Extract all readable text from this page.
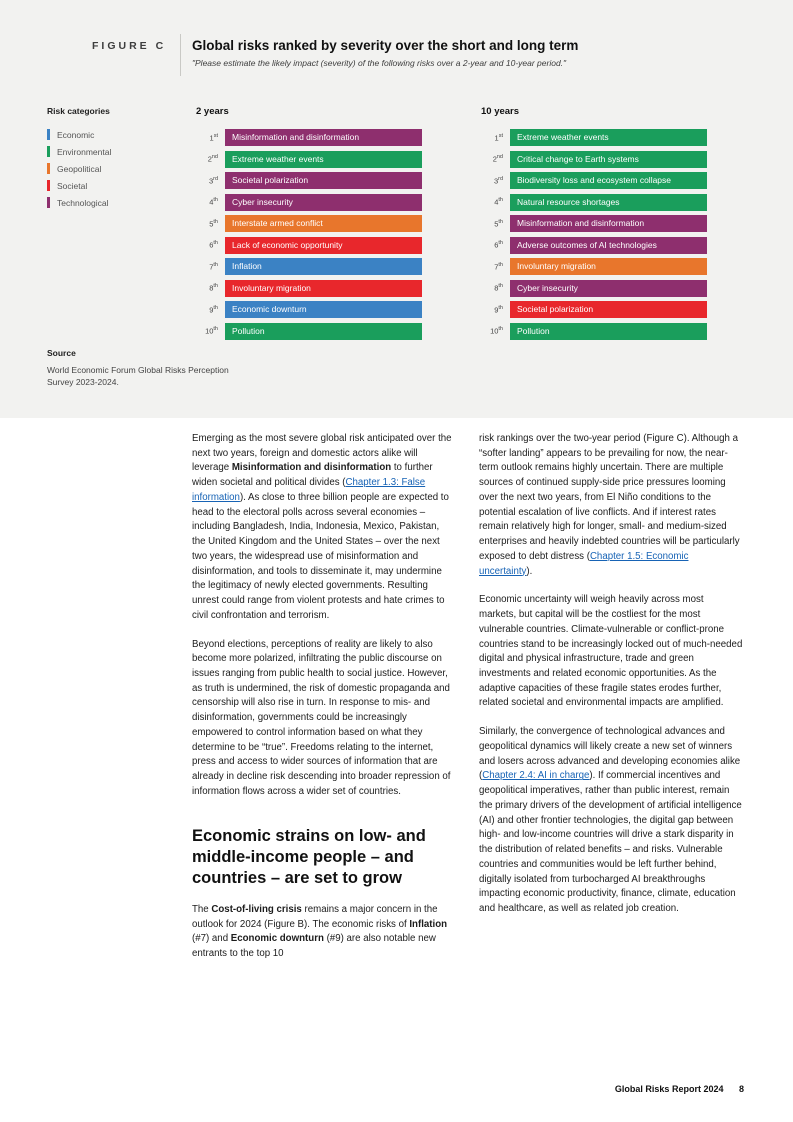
FIGURE C Global risks ranked by severity over the short and long term
"Please estimate the likely impact (severity) of the following risks over a 2-year and 10-year period."
Risk categories
Economic
Environmental
Geopolitical
Societal
Technological
2 years
1st	Misinformation and disinformation
2nd	Extreme weather events
3rd	Societal polarization
4th	Cyber insecurity
5th	Interstate armed conflict
6th	Lack of economic opportunity
7th	Inflation
8th	Involuntary migration
9th	Economic downturn
10th	Pollution
10 years
1st	Extreme weather events
2nd	Critical change to Earth systems
3rd	Biodiversity loss and ecosystem collapse
4th	Natural resource shortages
5th	Misinformation and disinformation
6th	Adverse outcomes of AI technologies
7th	Involuntary migration
8th	Cyber insecurity
9th	Societal polarization
10th	Pollution
Source
World Economic Forum Global Risks Perception Survey 2023-2024.

Emerging as the most severe global risk anticipated over the next two years, foreign and domestic actors alike will leverage Misinformation and disinformation to further widen societal and political divides (Chapter 1.3: False information). As close to three billion people are expected to head to the electoral polls across several economies – including Bangladesh, India, Indonesia, Mexico, Pakistan, the United Kingdom and the United States – over the next two years, the widespread use of misinformation and disinformation, and tools to disseminate it, may undermine the legitimacy of newly elected governments. Resulting unrest could range from violent protests and hate crimes to civil confrontation and terrorism.

Beyond elections, perceptions of reality are likely to also become more polarized, infiltrating the public discourse on issues ranging from public health to social justice. However, as truth is undermined, the risk of domestic propaganda and censorship will also rise in turn. In response to mis- and disinformation, governments could be increasingly empowered to control information based on what they determine to be “true”. Freedoms relating to the internet, press and access to wider sources of information that are already in decline risk descending into broader repression of information flows across a wider set of countries.

Economic strains on low- and middle-income people – and countries – are set to grow

The Cost-of-living crisis remains a major concern in the outlook for 2024 (Figure B). The economic risks of Inflation (#7) and Economic downturn (#9) are also notable new entrants to the top 10

risk rankings over the two-year period (Figure C). Although a “softer landing” appears to be prevailing for now, the near-term outlook remains highly uncertain. There are multiple sources of continued supply-side price pressures looming over the next two years, from El Niño conditions to the potential escalation of live conflicts. And if interest rates remain relatively high for longer, small- and medium-sized enterprises and heavily indebted countries will be particularly exposed to debt distress (Chapter 1.5: Economic uncertainty).

Economic uncertainty will weigh heavily across most markets, but capital will be the costliest for the most vulnerable countries. Climate-vulnerable or conflict-prone countries stand to be increasingly locked out of much-needed digital and physical infrastructure, trade and green investments and related economic opportunities. As the adaptive capacities of these fragile states erodes further, related societal and environmental impacts are amplified.

Similarly, the convergence of technological advances and geopolitical dynamics will likely create a new set of winners and losers across advanced and developing economies alike (Chapter 2.4: AI in charge). If commercial incentives and geopolitical imperatives, rather than public interest, remain the primary drivers of the development of artificial intelligence (AI) and other frontier technologies, the digital gap between high- and low-income countries will drive a stark disparity in the distribution of related benefits – and risks. Vulnerable countries and communities would be left further behind, digitally isolated from turbocharged AI breakthroughs impacting economic productivity, finance, climate, education and healthcare, as well as related job creation.

Global Risks Report 2024 8
